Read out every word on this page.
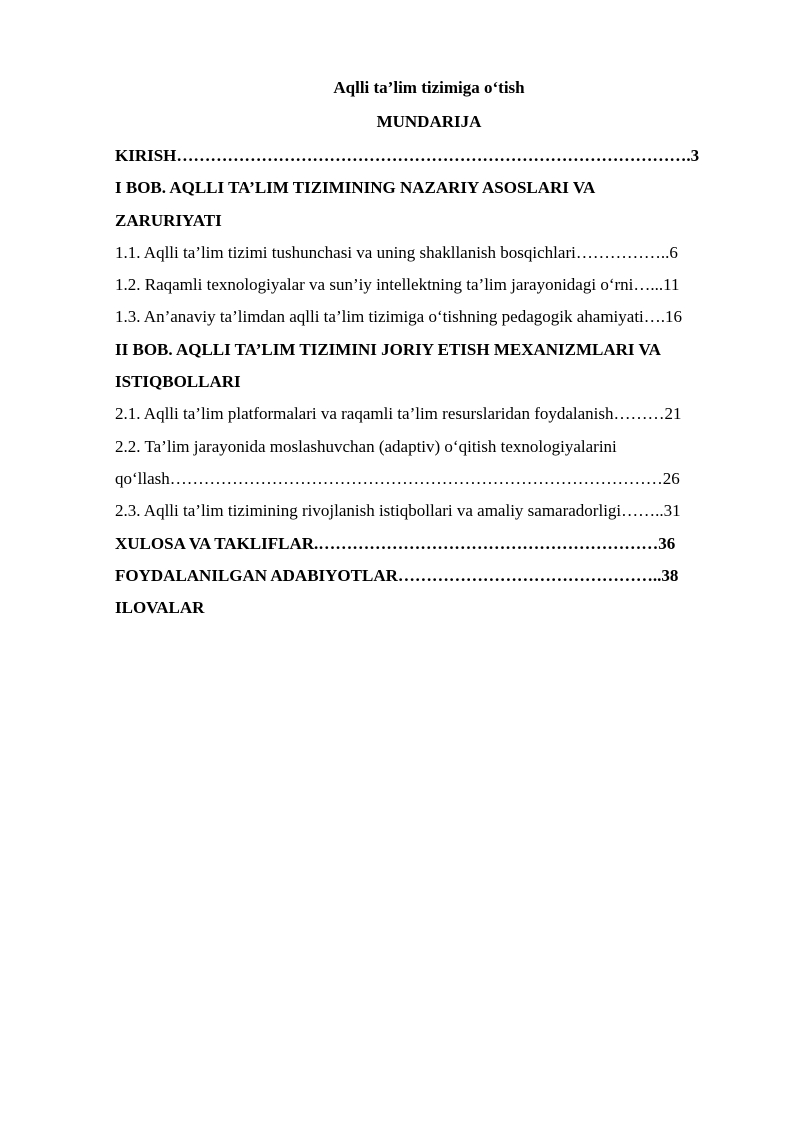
Aqlli ta’lim tizimiga o‘tish
MUNDARIJA
KIRISH……………………………………………………………………………….3
I BOB. AQLLI TA’LIM TIZIMINING NAZARIY ASOSLARI VA
ZARURIYATI
1.1. Aqlli ta’lim tizimi tushunchasi va uning shakllanish bosqichlari……………..6
1.2. Raqamli texnologiyalar va sun’iy intellektning ta’lim jarayonidagi o‘rni…...11
1.3. An’anaviy ta’limdan aqlli ta’lim tizimiga o‘tishning pedagogik ahamiyati….16
II BOB. AQLLI TA’LIM TIZIMINI JORIY ETISH MEXANIZMLARI VA
ISTIQBOLLARI
2.1. Aqlli ta’lim platformalari va raqamli ta’lim resurslaridan foydalanish………21
2.2. Ta’lim jarayonida moslashuvchan (adaptiv) o‘qitish texnologiyalarini
qo‘llash……………………………………………………………………………26
2.3. Aqlli ta’lim tizimining rivojlanish istiqbollari va amaliy samaradorligi……..31
XULOSA VA TAKLIFLAR.……………………………………………………36
FOYDALANILGAN ADABIYOTLAR………………………………………..38
ILOVALAR
